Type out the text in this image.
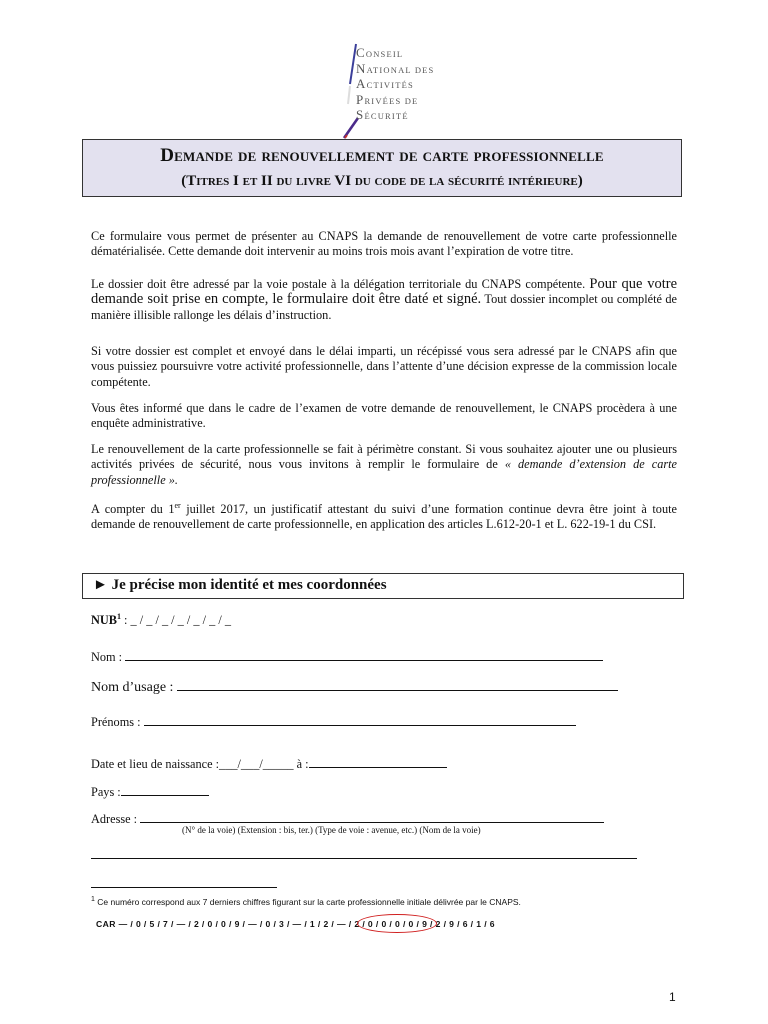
CONSEIL
NATIONAL DES
ACTIVITÉS
PRIVÉES DE
SÉCURITÉ
Demande de renouvellement de carte professionnelle
(Titres I et II du livre VI du code de la sécurité intérieure)
Ce formulaire vous permet de présenter au CNAPS la demande de renouvellement de votre carte professionnelle dématérialisée. Cette demande doit intervenir au moins trois mois avant l’expiration de votre titre.
Le dossier doit être adressé par la voie postale à la délégation territoriale du CNAPS compétente. Pour que votre demande soit prise en compte, le formulaire doit être daté et signé. Tout dossier incomplet ou complété de manière illisible rallonge les délais d’instruction.
Si votre dossier est complet et envoyé dans le délai imparti, un récépissé vous sera adressé par le CNAPS afin que vous puissiez poursuivre votre activité professionnelle, dans l’attente d’une décision expresse de la commission locale compétente.
Vous êtes informé que dans le cadre de l’examen de votre demande de renouvellement, le CNAPS procèdera à une enquête administrative.
Le renouvellement de la carte professionnelle se fait à périmètre constant. Si vous souhaitez ajouter une ou plusieurs activités privées de sécurité, nous vous invitons à remplir le formulaire de « demande d’extension de carte professionnelle ».
A compter du 1er juillet 2017, un justificatif attestant du suivi d’une formation continue devra être joint à toute demande de renouvellement de carte professionnelle, en application des articles L.612-20-1 et L. 622-19-1 du CSI.
► Je précise mon identité et mes coordonnées
NUB$^1$ : _ / _ / _ / _ / _ / _ / _
Nom :
Nom d’usage :
Prénoms :
Date et lieu de naissance :___/___/_____ à :
Pays :
Adresse :
(N° de la voie) (Extension : bis, ter.) (Type de voie : avenue, etc.) (Nom de la voie)
$^1$ Ce numéro correspond aux 7 derniers chiffres figurant sur la carte professionnelle initiale délivrée par le CNAPS.
CAR — / 0 / 5 / 7 / — / 2 / 0 / 0 / 9 / — / 0 / 3 / — / 1 / 2 / — / 2 / 0 / 0 / 0 / 0 / 9 / 2 / 9 / 6 / 1 / 6
1
